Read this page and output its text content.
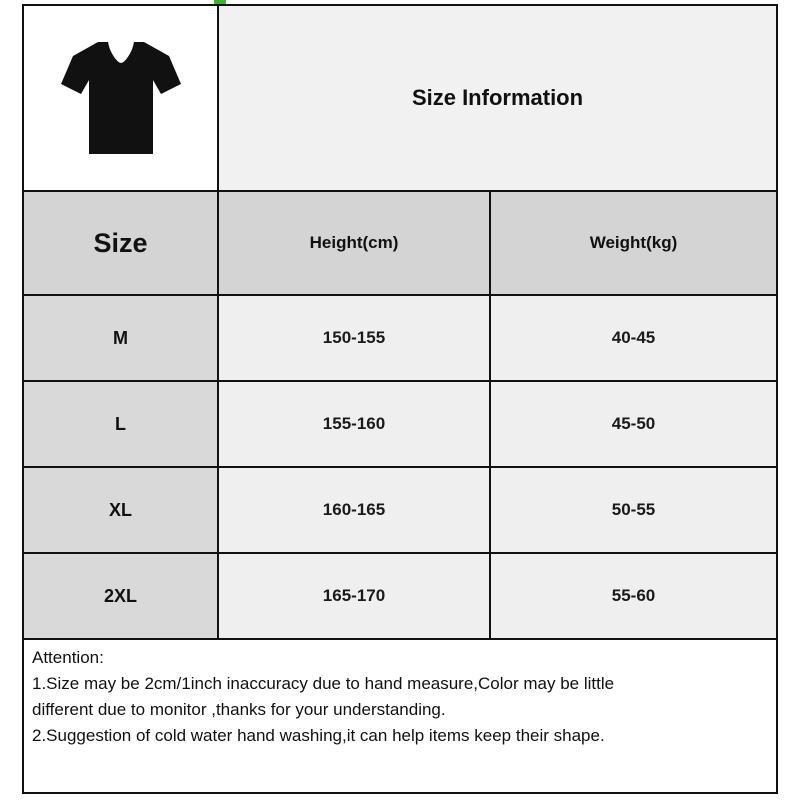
Size Information
Size	Height(cm)	Weight(kg)
M	150-155	40-45
L	155-160	45-50
XL	160-165	50-55
2XL	165-170	55-60

Attention:

1.Size may be 2cm/1inch inaccuracy due to hand measure,Color may be little

different due to monitor ,thanks for your understanding.

2.Suggestion of cold water hand washing,it can help items keep their shape.
